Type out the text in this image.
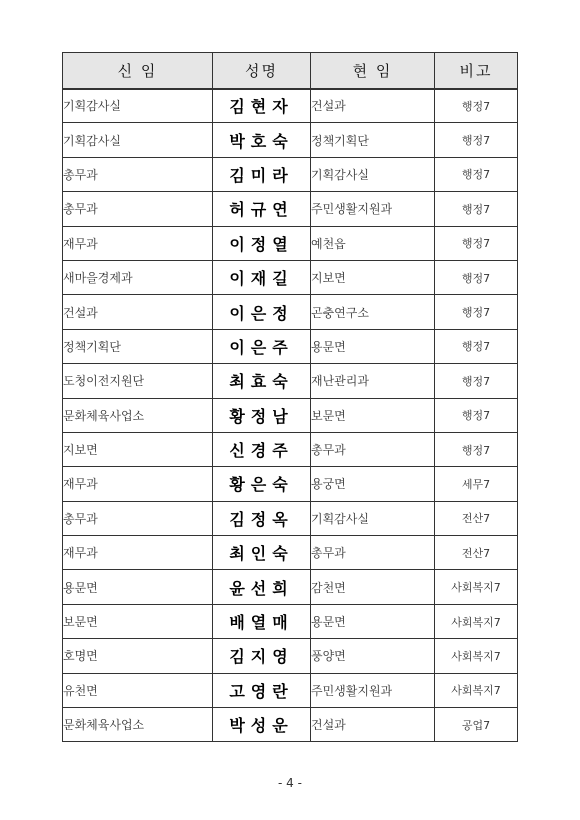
신 임	성명	현 임	비고
기획감사실	김현자	건설과	행정7
기획감사실	박호숙	정책기획단	행정7
총무과	김미라	기획감사실	행정7
총무과	허규연	주민생활지원과	행정7
재무과	이정열	예천읍	행정7
새마을경제과	이재길	지보면	행정7
건설과	이은정	곤충연구소	행정7
정책기획단	이은주	용문면	행정7
도청이전지원단	최효숙	재난관리과	행정7
문화체육사업소	황정남	보문면	행정7
지보면	신경주	총무과	행정7
재무과	황은숙	용궁면	세무7
총무과	김정옥	기획감사실	전산7
재무과	최인숙	총무과	전산7
용문면	윤선희	감천면	사회복지7
보문면	배열매	용문면	사회복지7
호명면	김지영	풍양면	사회복지7
유천면	고영란	주민생활지원과	사회복지7
문화체육사업소	박성운	건설과	공업7
- 4 -
